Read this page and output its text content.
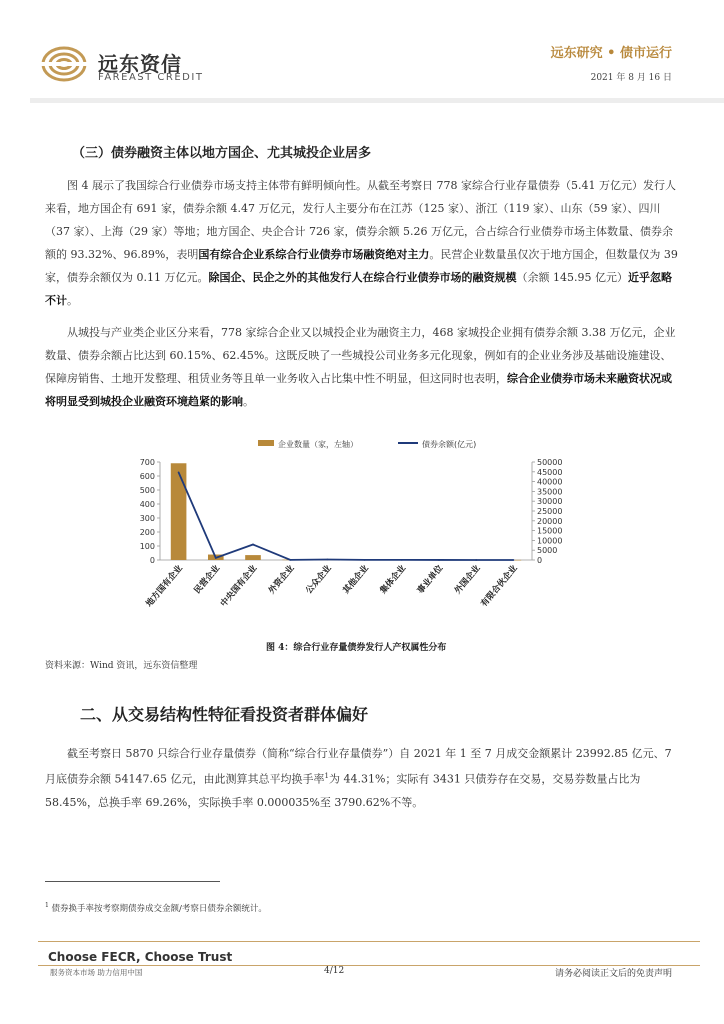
远东资信
FAREAST CREDIT
远东研究 • 债市运行
2021 年 8 月 16 日
（三）债券融资主体以地方国企、尤其城投企业居多

图 4 展示了我国综合行业债券市场支持主体带有鲜明倾向性。从截至考察日 778 家综合行业存量债券（5.41 万亿元）发行人来看，地方国企有 691 家，债券余额 4.47 万亿元，发行人主要分布在江苏（125 家）、浙江（119 家）、山东（59 家）、四川（37 家）、上海（29 家）等地；地方国企、央企合计 726 家，债券余额 5.26 万亿元，合占综合行业债券市场主体数量、债券余额的 93.32%、96.89%，表明国有综合企业系综合行业债券市场融资绝对主力。民营企业数量虽仅次于地方国企，但数量仅为 39 家，债券余额仅为 0.11 万亿元。除国企、民企之外的其他发行人在综合行业债券市场的融资规模（余额 145.95 亿元）近乎忽略不计。

从城投与产业类企业区分来看，778 家综合企业又以城投企业为融资主力，468 家城投企业拥有债券余额 3.38 万亿元，企业数量、债券余额占比达到 60.15%、62.45%。这既反映了一些城投公司业务多元化现象，例如有的企业业务涉及基础设施建设、保障房销售、土地开发整理、租赁业务等且单一业务收入占比集中性不明显，但这同时也表明，综合企业债券市场未来融资状况或将明显受到城投企业融资环境趋紧的影响。

企业数量（家，左轴）	债券余额(亿元)
0
100
200
300
400
500
600
700
0
5000
10000
15000
20000
25000
30000
35000
40000
45000
50000
地方国有企业 民营企业
中央国有企业 外资企业 公众企业 其他企业 集体企业 事业单位 外国企业
有限合伙企业
图 4：综合行业存量债券发行人产权属性分布
资料来源：Wind 资讯，远东资信整理
二、从交易结构性特征看投资者群体偏好

截至考察日 5870 只综合行业存量债券（简称“综合行业存量债券”）自 2021 年 1 至 7 月成交金额累计 23992.85 亿元、7 月底债券余额 54147.65 亿元，由此测算其总平均换手率$^1$为 44.31%；实际有 3431 只债券存在交易，交易券数量占比为 58.45%，总换手率 69.26%，实际换手率 0.000035%至 3790.62%不等。

$^1$ 债券换手率按考察期债券成交金额/考察日债券余额统计。
Choose FECR, Choose Trust
服务资本市场 助力信用中国	4/12	请务必阅读正文后的免责声明
